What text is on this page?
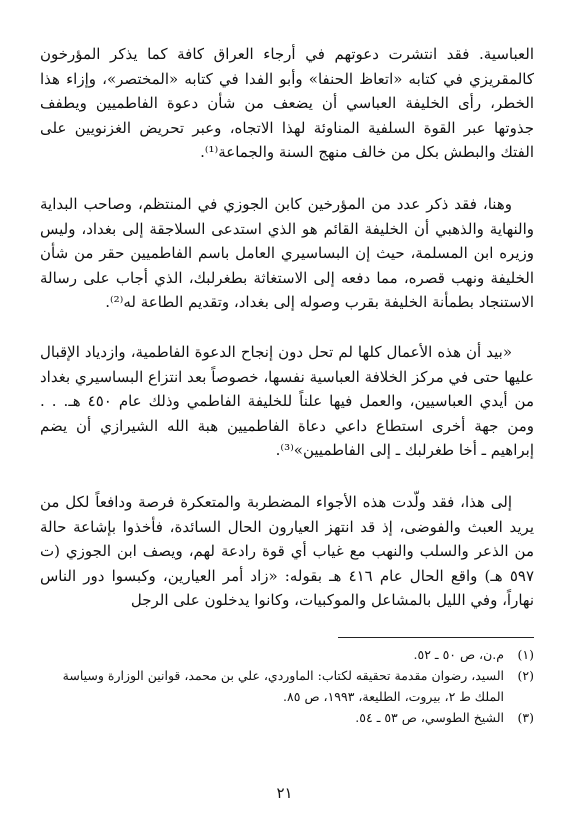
العباسية. فقد انتشرت دعوتهم في أرجاء العراق كافة كما يذكر المؤرخون كالمقريزي في كتابه «اتعاظ الحنفا» وأبو الفدا في كتابه «المختصر»، وإزاء هذا الخطر، رأى الخليفة العباسي أن يضعف من شأن دعوة الفاطميين ويطفف جذوتها عبر القوة السلفية المناوئة لهذا الاتجاه، وعبر تحريض الغزنويين على الفتك والبطش بكل من خالف منهج السنة والجماعة⁽¹⁾.

وهنا، فقد ذكر عدد من المؤرخين كابن الجوزي في المنتظم، وصاحب البداية والنهاية والذهبي أن الخليفة القائم هو الذي استدعى السلاجقة إلى بغداد، وليس وزيره ابن المسلمة، حيث إن البساسيري العامل باسم الفاطميين حقر من شأن الخليفة ونهب قصره، مما دفعه إلى الاستغاثة بطغرلبك، الذي أجاب على رسالة الاستنجاد بطمأنة الخليفة بقرب وصوله إلى بغداد، وتقديم الطاعة له⁽²⁾.

«بيد أن هذه الأعمال كلها لم تحل دون إنجاح الدعوة الفاطمية، وازدياد الإقبال عليها حتى في مركز الخلافة العباسية نفسها، خصوصاً بعد انتزاع البساسيري بغداد من أيدي العباسيين، والعمل فيها علناً للخليفة الفاطمي وذلك عام ٤٥٠ هـ. . . ومن جهة أخرى استطاع داعي دعاة الفاطميين هبة الله الشيرازي أن يضم إبراهيم ـ أخا طغرلبك ـ إلى الفاطميين»⁽³⁾.

إلى هذا، فقد ولّدت هذه الأجواء المضطربة والمتعكرة فرصة ودافعاً لكل من يريد العبث والفوضى، إذ قد انتهز العيارون الحال السائدة، فأخذوا بإشاعة حالة من الذعر والسلب والنهب مع غياب أي قوة رادعة لهم، ويصف ابن الجوزي (ت ٥٩٧ هـ) واقع الحال عام ٤١٦ هـ بقوله: «زاد أمر العيارين، وكبسوا دور الناس نهاراً، وفي الليل بالمشاعل والموكبيات، وكانوا يدخلون على الرجل

(١)
م.ن، ص ٥٠ ـ ٥٢.
(٢)
السيد، رضوان مقدمة تحقيقه لكتاب: الماوردي، علي بن محمد، قوانين الوزارة وسياسة الملك ط ٢، بيروت، الطليعة، ١٩٩٣، ص ٨٥.
(٣)
الشيخ الطوسي، ص ٥٣ ـ ٥٤.
٢١
